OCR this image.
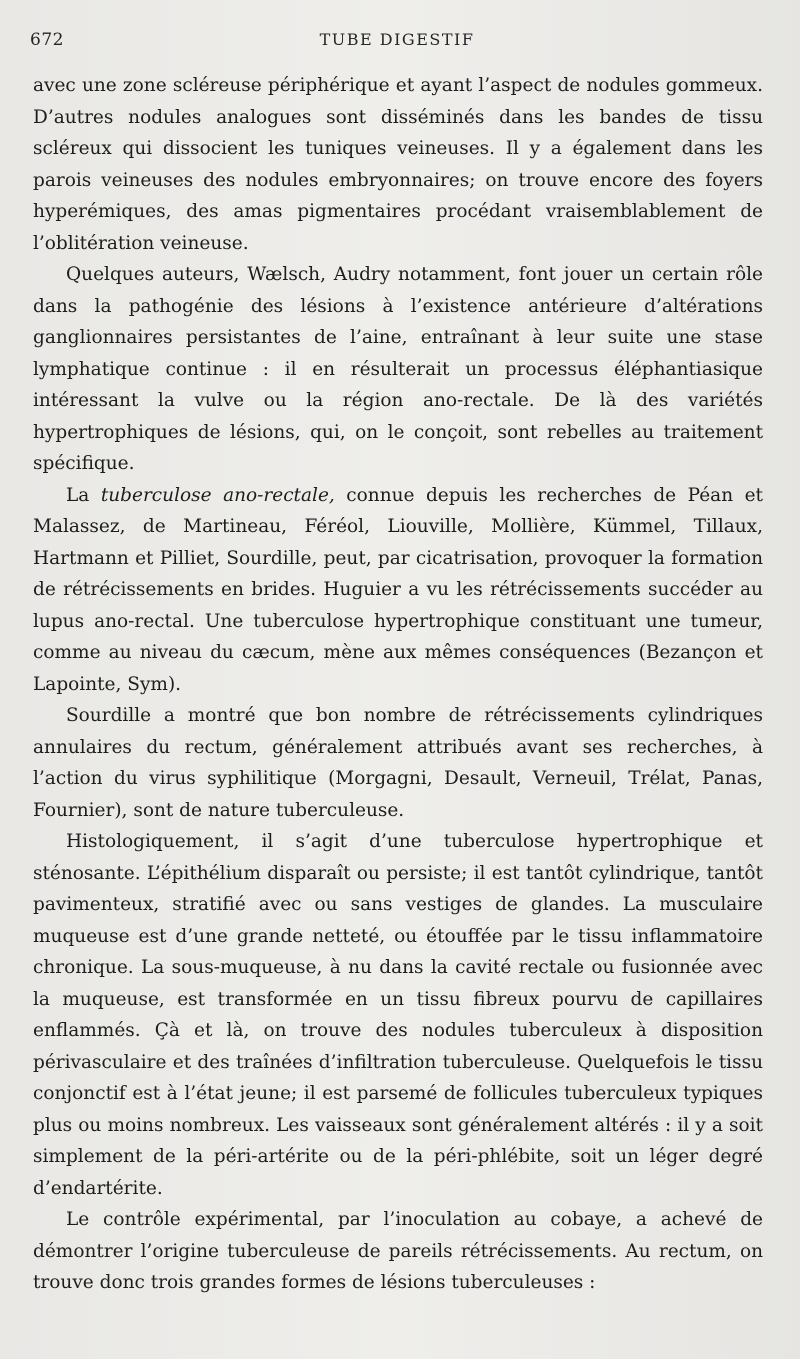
672	TUBE DIGESTIF

avec une zone scléreuse périphérique et ayant l’aspect de nodules gommeux. D’autres nodules analogues sont disséminés dans les bandes de tissu scléreux qui dissocient les tuniques veineuses. Il y a également dans les parois veineuses des nodules embryonnaires; on trouve encore des foyers hyperémiques, des amas pigmentaires procédant vraisemblablement de l’oblitération veineuse.

Quelques auteurs, Wælsch, Audry notamment, font jouer un certain rôle dans la pathogénie des lésions à l’existence antérieure d’altérations ganglionnaires persistantes de l’aine, entraînant à leur suite une stase lymphatique continue : il en résulterait un processus éléphantiasique intéressant la vulve ou la région ano-rectale. De là des variétés hypertrophiques de lésions, qui, on le conçoit, sont rebelles au traitement spécifique.

La tuberculose ano-rectale, connue depuis les recherches de Péan et Malassez, de Martineau, Féréol, Liouville, Mollière, Kümmel, Tillaux, Hartmann et Pilliet, Sourdille, peut, par cicatrisation, provoquer la formation de rétrécissements en brides. Huguier a vu les rétrécissements succéder au lupus ano-rectal. Une tuberculose hypertrophique constituant une tumeur, comme au niveau du cæcum, mène aux mêmes conséquences (Bezançon et Lapointe, Sym).

Sourdille a montré que bon nombre de rétrécissements cylindriques annulaires du rectum, généralement attribués avant ses recherches, à l’action du virus syphilitique (Morgagni, Desault, Verneuil, Trélat, Panas, Fournier), sont de nature tuberculeuse.

Histologiquement, il s’agit d’une tuberculose hypertrophique et sténosante. L’épithélium disparaît ou persiste; il est tantôt cylindrique, tantôt pavimenteux, stratifié avec ou sans vestiges de glandes. La musculaire muqueuse est d’une grande netteté, ou étouffée par le tissu inflammatoire chronique. La sous-muqueuse, à nu dans la cavité rectale ou fusionnée avec la muqueuse, est transformée en un tissu fibreux pourvu de capillaires enflammés. Çà et là, on trouve des nodules tuberculeux à disposition périvasculaire et des traînées d’infiltration tuberculeuse. Quelquefois le tissu conjonctif est à l’état jeune; il est parsemé de follicules tuberculeux typiques plus ou moins nombreux. Les vaisseaux sont généralement altérés : il y a soit simplement de la péri-artérite ou de la péri-phlébite, soit un léger degré d’endartérite.

Le contrôle expérimental, par l’inoculation au cobaye, a achevé de démontrer l’origine tuberculeuse de pareils rétrécissements. Au rectum, on trouve donc trois grandes formes de lésions tuberculeuses :
